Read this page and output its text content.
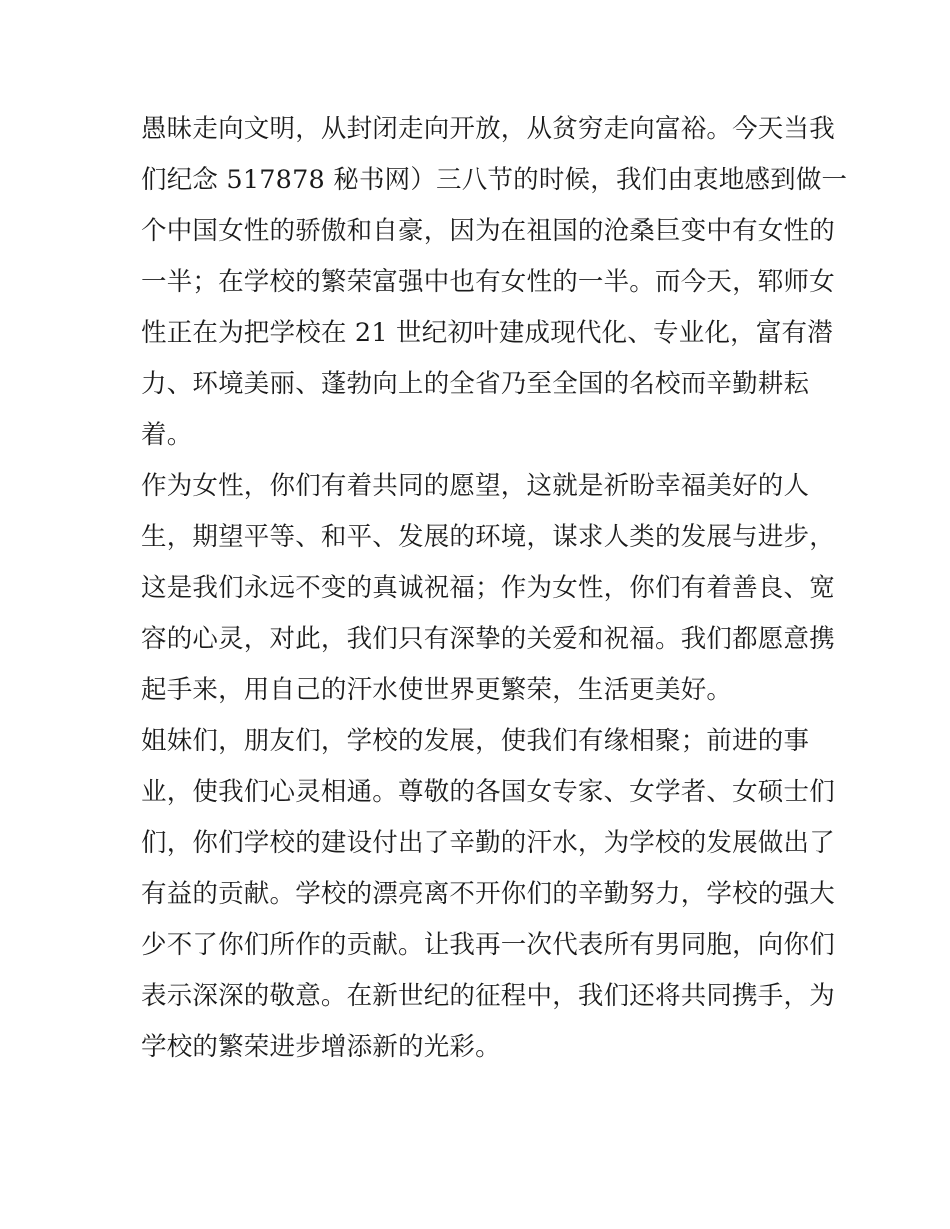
愚昧走向文明，从封闭走向开放，从贫穷走向富裕。今天当我
们纪念 517878 秘书网）三八节的时候，我们由衷地感到做一
个中国女性的骄傲和自豪，因为在祖国的沧桑巨变中有女性的
一半；在学校的繁荣富强中也有女性的一半。而今天，郓师女
性正在为把学校在 21 世纪初叶建成现代化、专业化，富有潜
力、环境美丽、蓬勃向上的全省乃至全国的名校而辛勤耕耘
着。
作为女性，你们有着共同的愿望，这就是祈盼幸福美好的人
生，期望平等、和平、发展的环境，谋求人类的发展与进步，
这是我们永远不变的真诚祝福；作为女性，你们有着善良、宽
容的心灵，对此，我们只有深挚的关爱和祝福。我们都愿意携
起手来，用自己的汗水使世界更繁荣，生活更美好。
姐妹们，朋友们，学校的发展，使我们有缘相聚；前进的事
业，使我们心灵相通。尊敬的各国女专家、女学者、女硕士们
们，你们学校的建设付出了辛勤的汗水，为学校的发展做出了
有益的贡献。学校的漂亮离不开你们的辛勤努力，学校的强大
少不了你们所作的贡献。让我再一次代表所有男同胞，向你们
表示深深的敬意。在新世纪的征程中，我们还将共同携手，为
学校的繁荣进步增添新的光彩。
